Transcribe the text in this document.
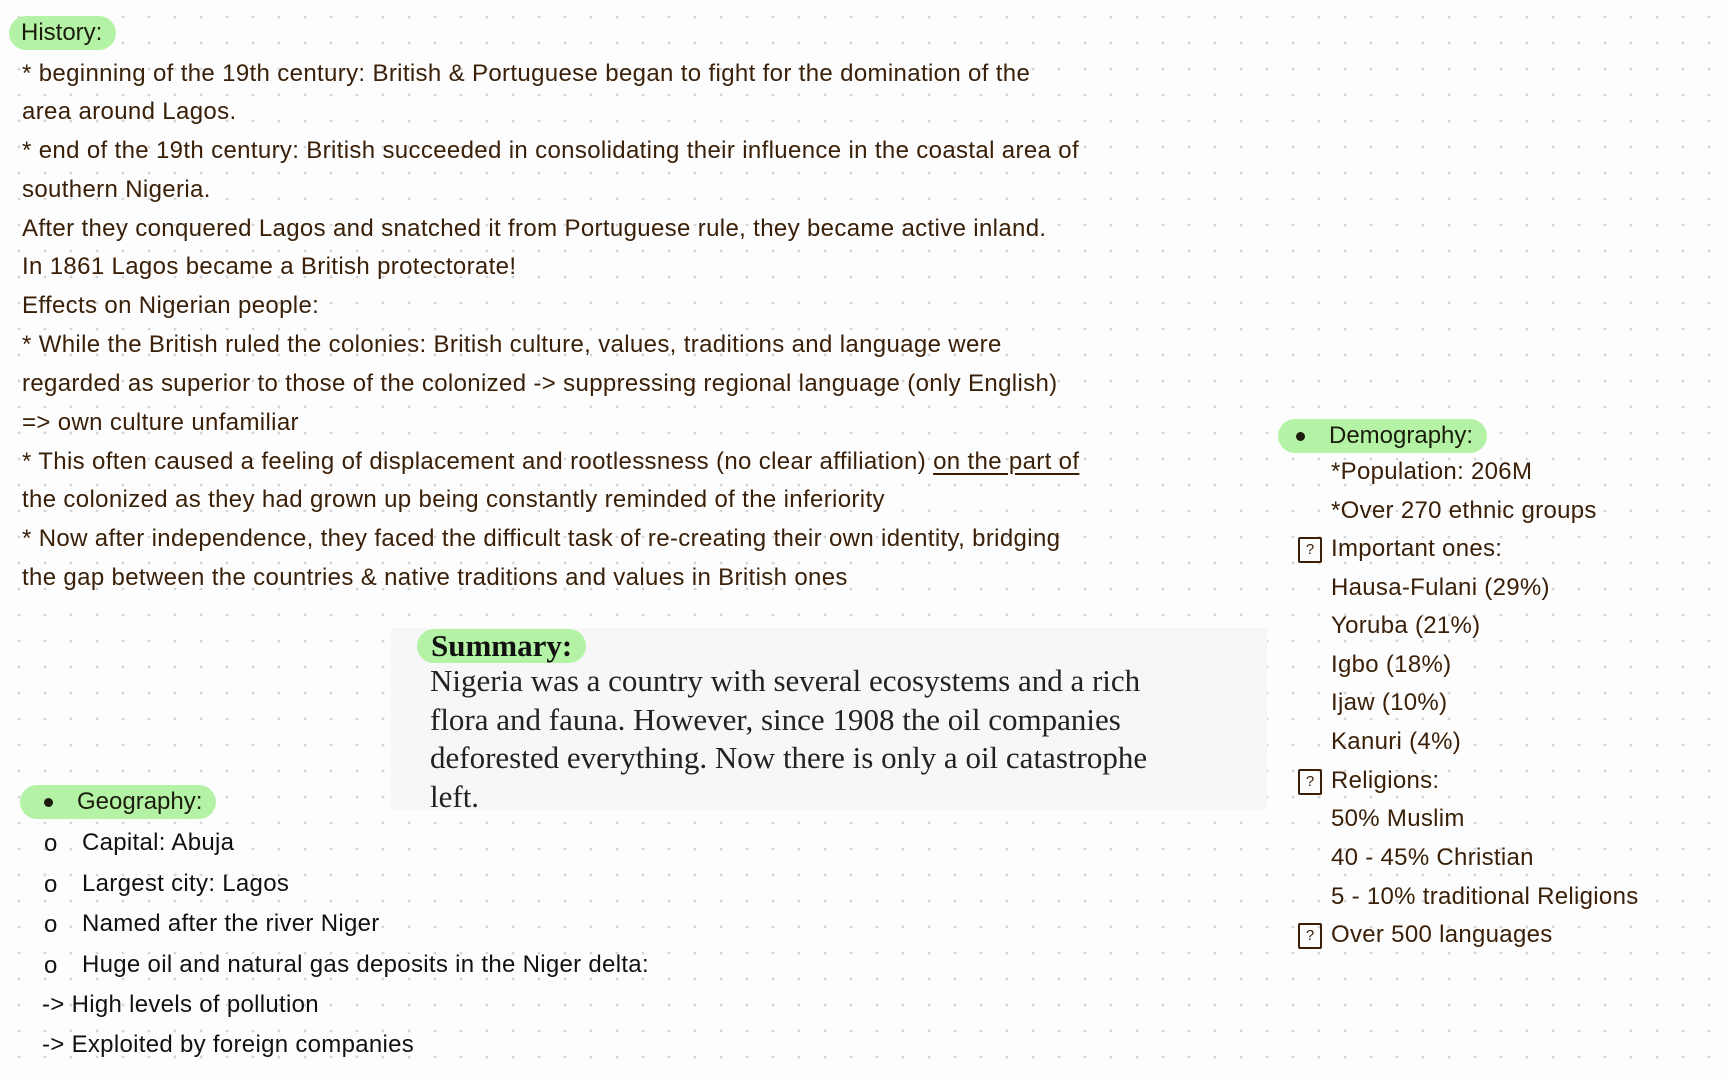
History:
* beginning of the 19th century: British & Portuguese began to fight for the domination of the
area around Lagos.
* end of the 19th century: British succeeded in consolidating their influence in the coastal area of
southern Nigeria.
After they conquered Lagos and snatched it from Portuguese rule, they became active inland.
In 1861 Lagos became a British protectorate!
Effects on Nigerian people:
* While the British ruled the colonies: British culture, values, traditions and language were
regarded as superior to those of the colonized -> suppressing regional language (only English)
=> own culture unfamiliar
* This often caused a feeling of displacement and rootlessness (no clear affiliation) on the part of
the colonized as they had grown up being constantly reminded of the inferiority
* Now after independence, they faced the difficult task of re-creating their own identity, bridging
the gap between the countries & native traditions and values in British ones
Summary:
Nigeria was a country with several ecosystems and a rich
flora and fauna. However, since 1908 the oil companies
deforested everything. Now there is only a oil catastrophe
left.
Geography:
o Capital: Abuja
o Largest city: Lagos
o Named after the river Niger
o Huge oil and natural gas deposits in the Niger delta:
-> High levels of pollution
-> Exploited by foreign companies
Demography:
*Population: 206M
*Over 270 ethnic groups
? Important ones:
Hausa-Fulani (29%)
Yoruba (21%)
Igbo (18%)
Ijaw (10%)
Kanuri (4%)
? Religions:
50% Muslim
40 - 45% Christian
5 - 10% traditional Religions
? Over 500 languages
